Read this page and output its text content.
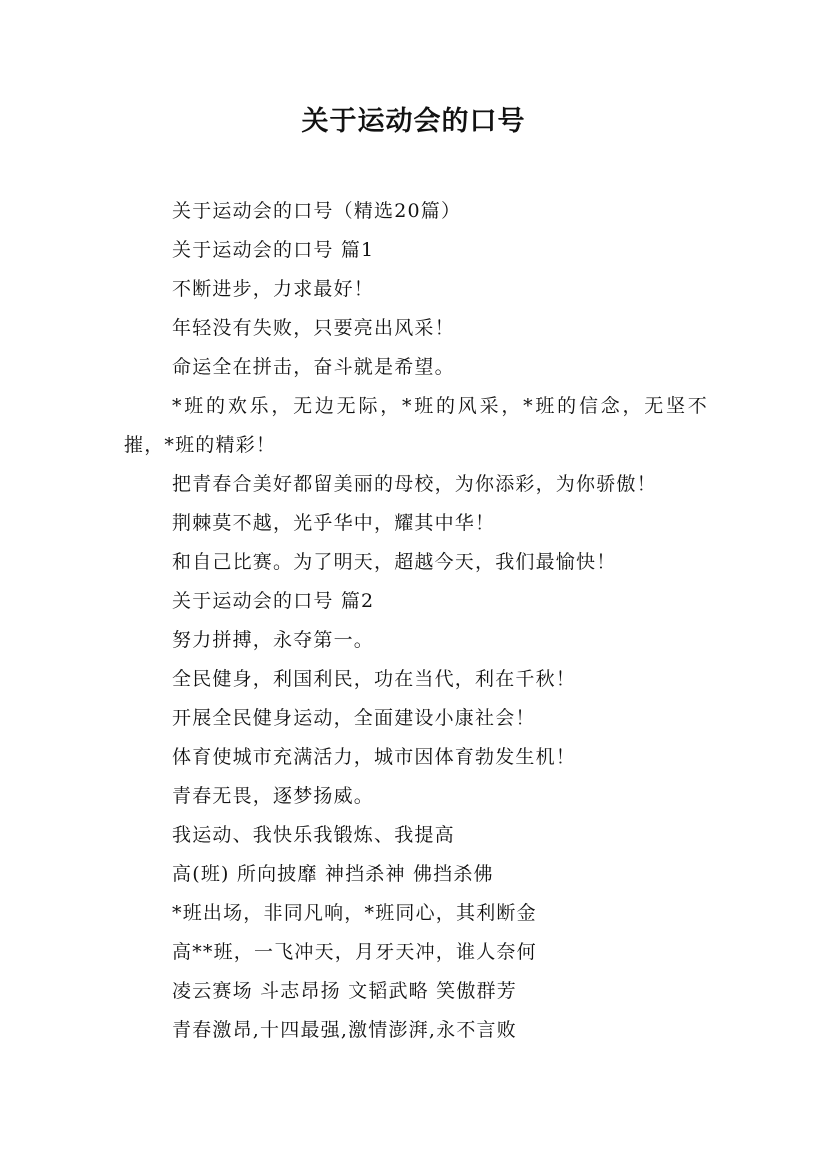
关于运动会的口号

关于运动会的口号（精选20篇）

关于运动会的口号 篇1

不断进步，力求最好！

年轻没有失败，只要亮出风采！

命运全在拼击，奋斗就是希望。

*班的欢乐，无边无际，*班的风采，*班的信念，无坚不摧，*班的精彩！

把青春合美好都留美丽的母校，为你添彩，为你骄傲！

荆棘莫不越，光乎华中，耀其中华！

和自己比赛。为了明天，超越今天，我们最愉快！

关于运动会的口号 篇2

努力拼搏，永夺第一。

全民健身，利国利民，功在当代，利在千秋！

开展全民健身运动，全面建设小康社会！

体育使城市充满活力，城市因体育勃发生机！

青春无畏，逐梦扬威。

我运动、我快乐我锻炼、我提高

高(班) 所向披靡 神挡杀神 佛挡杀佛

*班出场，非同凡响，*班同心，其利断金

高**班，一飞冲天，月牙天冲，谁人奈何

凌云赛场 斗志昂扬 文韬武略 笑傲群芳

青春激昂,十四最强,激情澎湃,永不言败
